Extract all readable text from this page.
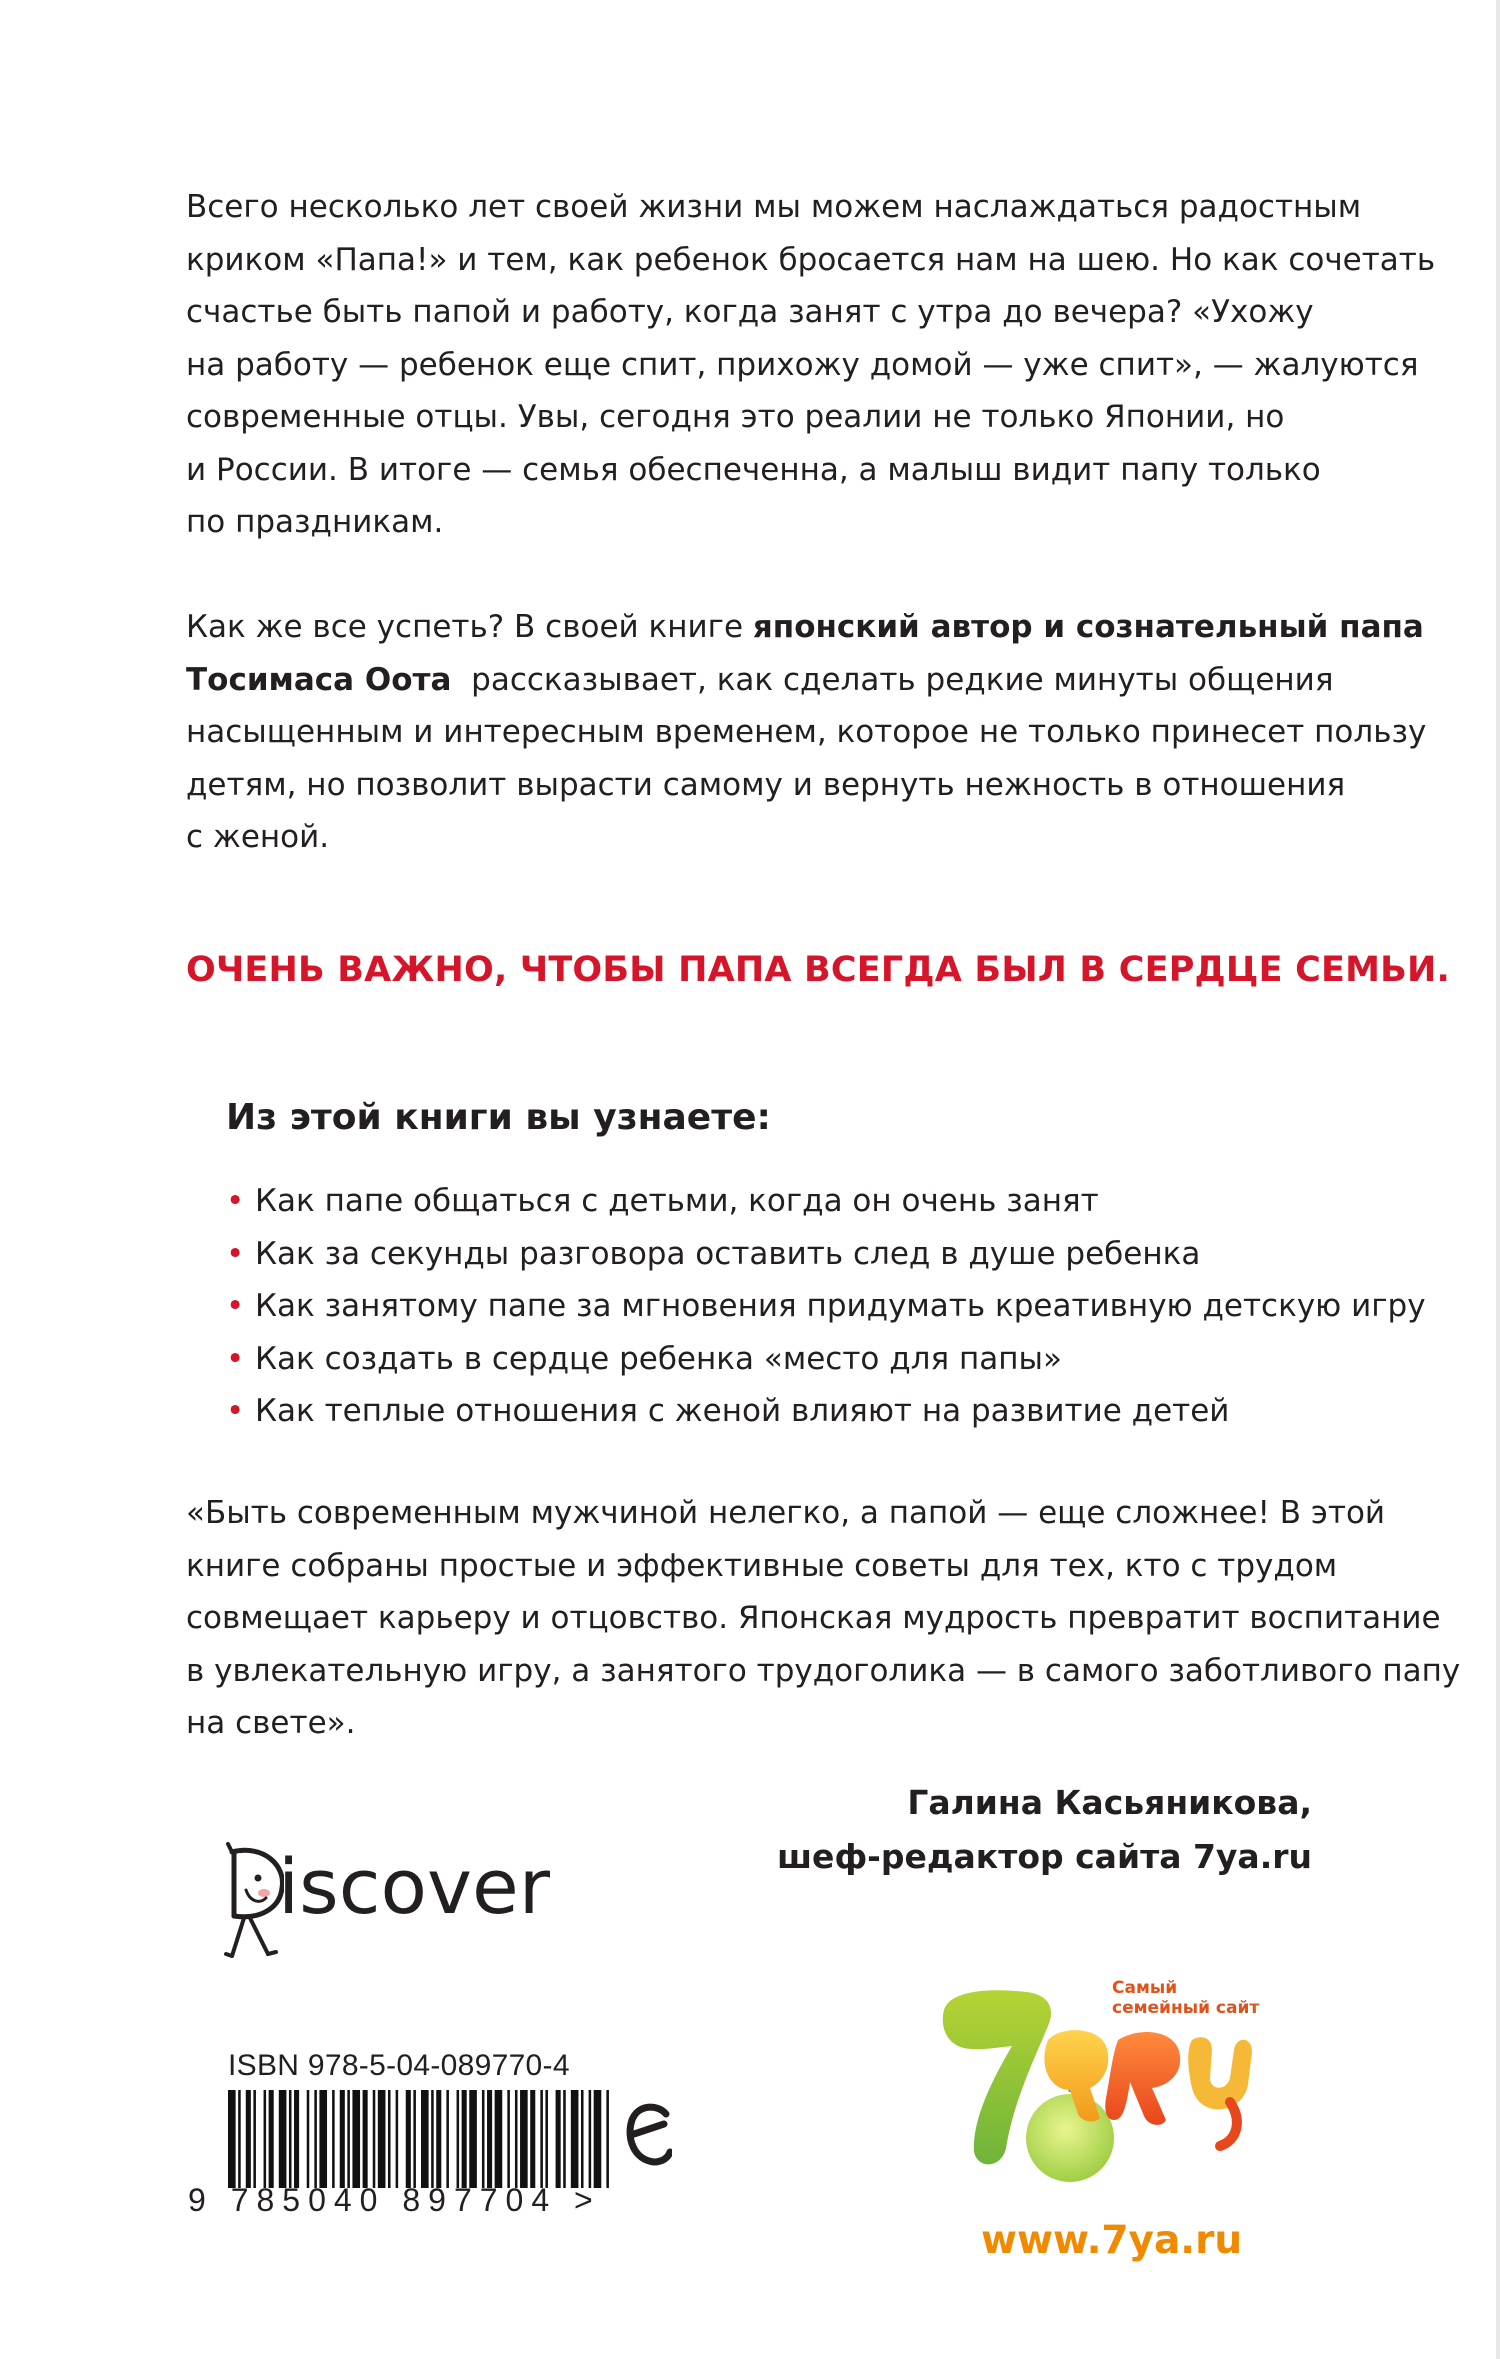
Всего несколько лет своей жизни мы можем наслаждаться радостным
криком «Папа!» и тем, как ребенок бросается нам на шею. Но как сочетать
счастье быть папой и работу, когда занят с утра до вечера? «Ухожу
на работу — ребенок еще спит, прихожу домой — уже спит», — жалуются
современные отцы. Увы, сегодня это реалии не только Японии, но
и России. В итоге — семья обеспеченна, а малыш видит папу только
по праздникам.
Как же все успеть? В своей книге японский автор и сознательный папа
Тосимаса Оота  рассказывает, как сделать редкие минуты общения
насыщенным и интересным временем, которое не только принесет пользу
детям, но позволит вырасти самому и вернуть нежность в отношения
с женой.
ОЧЕНЬ ВАЖНО, ЧТОБЫ ПАПА ВСЕГДА БЫЛ В СЕРДЦЕ СЕМЬИ.
Из этой книги вы узнаете:
• Как папе общаться с детьми, когда он очень занят
• Как за секунды разговора оставить след в душе ребенка
• Как занятому папе за мгновения придумать креативную детскую игру
• Как создать в сердце ребенка «место для папы»
• Как теплые отношения с женой влияют на развитие детей
«Быть современным мужчиной нелегко, а папой — еще сложнее! В этой
книге собраны простые и эффективные советы для тех, кто с трудом
совмещает карьеру и отцовство. Японская мудрость превратит воспитание
в увлекательную игру, а занятого трудоголика — в самого заботливого папу
на свете».
Галина Касьяникова,
шеф-редактор сайта 7ya.ru
iscover
ISBN 978-5-04-089770-4
9 785040 897704 >
Самый семейный сайт
www.7ya.ru
